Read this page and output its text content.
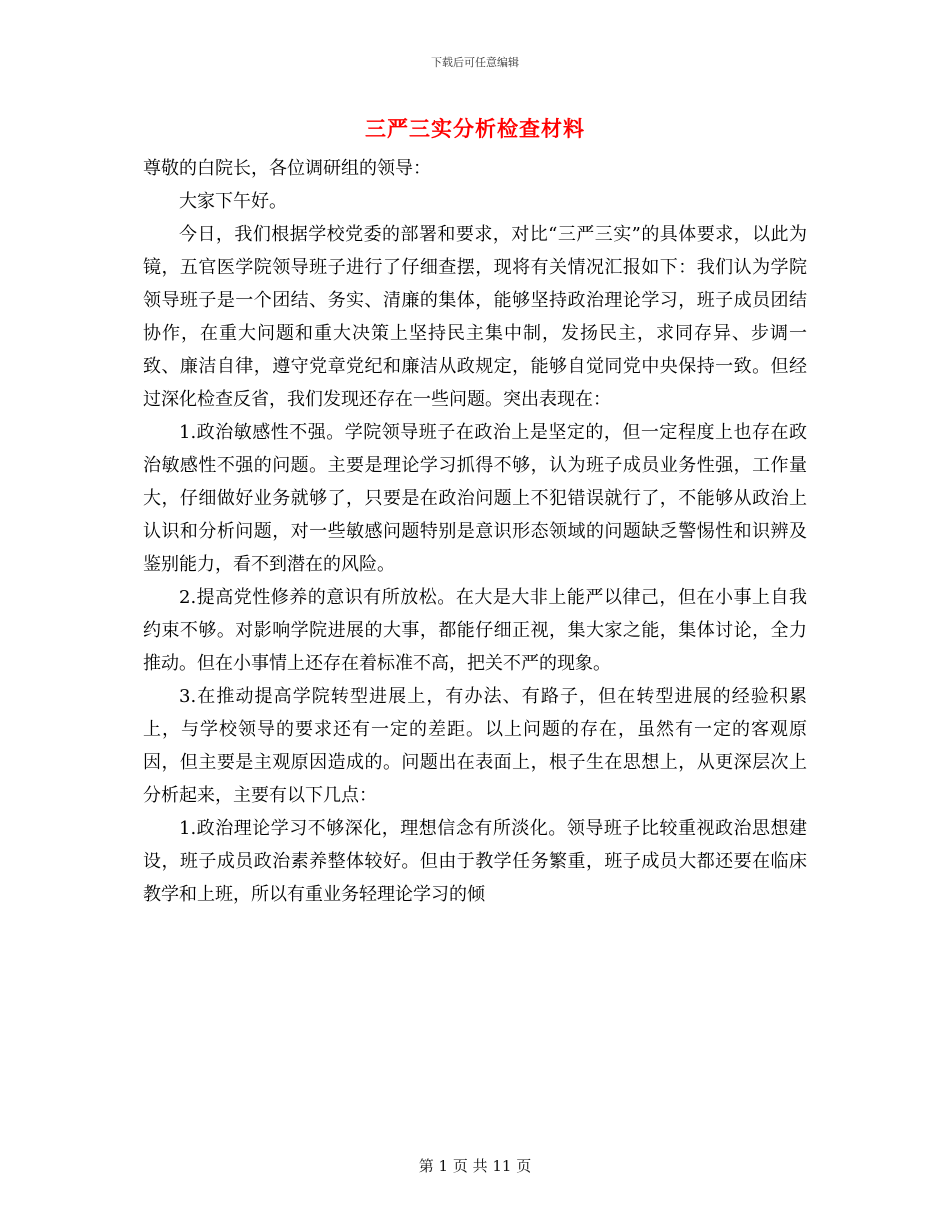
下载后可任意编辑
三严三实分析检查材料

尊敬的白院长，各位调研组的领导：

大家下午好。

今日，我们根据学校党委的部署和要求，对比“三严三实”的具体要求，以此为镜，五官医学院领导班子进行了仔细查摆，现将有关情况汇报如下：我们认为学院领导班子是一个团结、务实、清廉的集体，能够坚持政治理论学习，班子成员团结协作，在重大问题和重大决策上坚持民主集中制，发扬民主，求同存异、步调一致、廉洁自律，遵守党章党纪和廉洁从政规定，能够自觉同党中央保持一致。但经过深化检查反省，我们发现还存在一些问题。突出表现在：

1.政治敏感性不强。学院领导班子在政治上是坚定的，但一定程度上也存在政治敏感性不强的问题。主要是理论学习抓得不够，认为班子成员业务性强，工作量大，仔细做好业务就够了，只要是在政治问题上不犯错误就行了，不能够从政治上认识和分析问题，对一些敏感问题特别是意识形态领域的问题缺乏警惕性和识辨及鉴别能力，看不到潜在的风险。

2.提高党性修养的意识有所放松。在大是大非上能严以律己，但在小事上自我约束不够。对影响学院进展的大事，都能仔细正视，集大家之能，集体讨论，全力推动。但在小事情上还存在着标准不高，把关不严的现象。

3.在推动提高学院转型进展上，有办法、有路子，但在转型进展的经验积累上，与学校领导的要求还有一定的差距。以上问题的存在，虽然有一定的客观原因，但主要是主观原因造成的。问题出在表面上，根子生在思想上，从更深层次上分析起来，主要有以下几点：

1.政治理论学习不够深化，理想信念有所淡化。领导班子比较重视政治思想建设，班子成员政治素养整体较好。但由于教学任务繁重，班子成员大都还要在临床教学和上班，所以有重业务轻理论学习的倾

第 1 页 共 11 页
